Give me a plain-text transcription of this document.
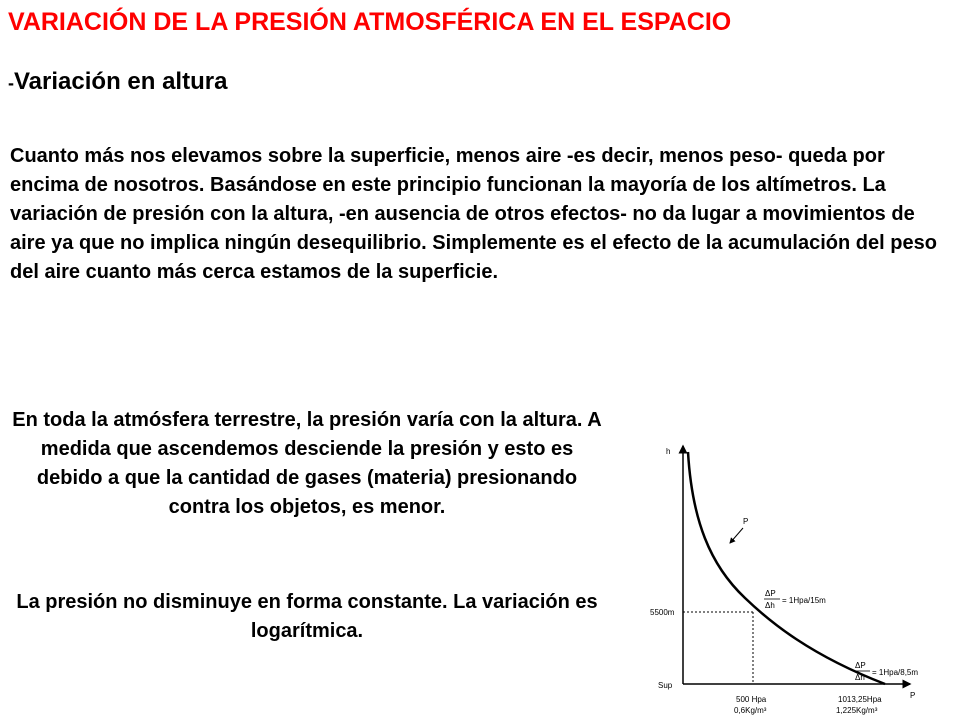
VARIACIÓN DE LA PRESIÓN ATMOSFÉRICA EN EL ESPACIO
-Variación en altura
Cuanto más nos elevamos sobre la superficie, menos aire -es decir, menos peso- queda por encima de nosotros. Basándose en este principio funcionan la mayoría de los altímetros. La variación de presión con la altura, -en ausencia de otros efectos- no da lugar a movimientos de aire ya que no implica ningún desequilibrio. Simplemente es el efecto de la acumulación del peso del aire cuanto más cerca estamos de la superficie.
En toda la atmósfera terrestre, la presión varía con la altura. A medida que ascendemos desciende la presión y esto es debido a que la cantidad de gases (materia) presionando contra los objetos, es menor.
La presión no disminuye en forma constante. La variación es logarítmica.
h
P
P
5500m
Sup
500 Hpa
0,6Kg/m³
1013,25Hpa
1,225Kg/m³
ΔP
Δh
= 1Hpa/15m
ΔP
Δh
= 1Hpa/8,5m
